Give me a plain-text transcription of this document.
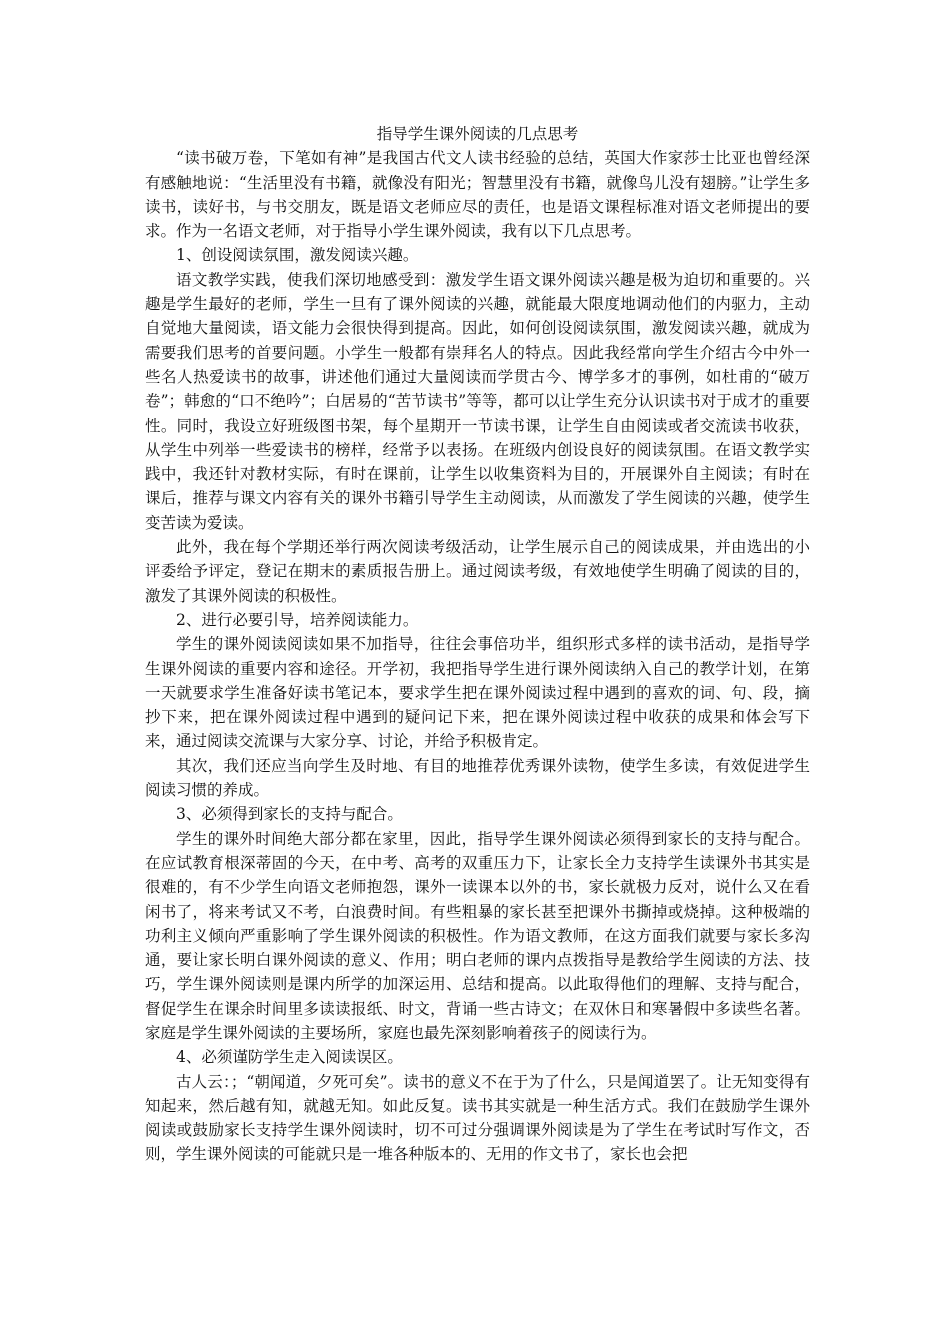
指导学生课外阅读的几点思考

“读书破万卷，下笔如有神”是我国古代文人读书经验的总结，英国大作家莎士比亚也曾经深有感触地说：“生活里没有书籍，就像没有阳光；智慧里没有书籍，就像鸟儿没有翅膀。”让学生多读书，读好书，与书交朋友，既是语文老师应尽的责任，也是语文课程标准对语文老师提出的要求。作为一名语文老师，对于指导小学生课外阅读，我有以下几点思考。

1、创设阅读氛围，激发阅读兴趣。

语文教学实践，使我们深切地感受到：激发学生语文课外阅读兴趣是极为迫切和重要的。兴趣是学生最好的老师，学生一旦有了课外阅读的兴趣，就能最大限度地调动他们的内驱力，主动自觉地大量阅读，语文能力会很快得到提高。因此，如何创设阅读氛围，激发阅读兴趣，就成为需要我们思考的首要问题。小学生一般都有崇拜名人的特点。因此我经常向学生介绍古今中外一些名人热爱读书的故事，讲述他们通过大量阅读而学贯古今、博学多才的事例，如杜甫的“破万卷”；韩愈的“口不绝吟”；白居易的“苦节读书”等等，都可以让学生充分认识读书对于成才的重要性。同时，我设立好班级图书架，每个星期开一节读书课，让学生自由阅读或者交流读书收获，从学生中列举一些爱读书的榜样，经常予以表扬。在班级内创设良好的阅读氛围。在语文教学实践中，我还针对教材实际，有时在课前，让学生以收集资料为目的，开展课外自主阅读；有时在课后，推荐与课文内容有关的课外书籍引导学生主动阅读，从而激发了学生阅读的兴趣，使学生变苦读为爱读。

此外，我在每个学期还举行两次阅读考级活动，让学生展示自己的阅读成果，并由选出的小评委给予评定，登记在期末的素质报告册上。通过阅读考级，有效地使学生明确了阅读的目的，激发了其课外阅读的积极性。

2、进行必要引导，培养阅读能力。

学生的课外阅读阅读如果不加指导，往往会事倍功半，组织形式多样的读书活动，是指导学生课外阅读的重要内容和途径。开学初，我把指导学生进行课外阅读纳入自己的教学计划，在第一天就要求学生准备好读书笔记本，要求学生把在课外阅读过程中遇到的喜欢的词、句、段，摘抄下来，把在课外阅读过程中遇到的疑问记下来，把在课外阅读过程中收获的成果和体会写下来，通过阅读交流课与大家分享、讨论，并给予积极肯定。

其次，我们还应当向学生及时地、有目的地推荐优秀课外读物，使学生多读，有效促进学生阅读习惯的养成。

3、必须得到家长的支持与配合。

学生的课外时间绝大部分都在家里，因此，指导学生课外阅读必须得到家长的支持与配合。在应试教育根深蒂固的今天，在中考、高考的双重压力下，让家长全力支持学生读课外书其实是很难的，有不少学生向语文老师抱怨，课外一读课本以外的书，家长就极力反对，说什么又在看闲书了，将来考试又不考，白浪费时间。有些粗暴的家长甚至把课外书撕掉或烧掉。这种极端的功利主义倾向严重影响了学生课外阅读的积极性。作为语文教师，在这方面我们就要与家长多沟通，要让家长明白课外阅读的意义、作用；明白老师的课内点拨指导是教给学生阅读的方法、技巧，学生课外阅读则是课内所学的加深运用、总结和提高。以此取得他们的理解、支持与配合，督促学生在课余时间里多读读报纸、时文，背诵一些古诗文；在双休日和寒暑假中多读些名著。家庭是学生课外阅读的主要场所，家庭也最先深刻影响着孩子的阅读行为。

4、必须谨防学生走入阅读误区。

古人云：；“朝闻道，夕死可矣”。读书的意义不在于为了什么，只是闻道罢了。让无知变得有知起来，然后越有知，就越无知。如此反复。读书其实就是一种生活方式。我们在鼓励学生课外阅读或鼓励家长支持学生课外阅读时，切不可过分强调课外阅读是为了学生在考试时写作文，否则，学生课外阅读的可能就只是一堆各种版本的、无用的作文书了，家长也会把
